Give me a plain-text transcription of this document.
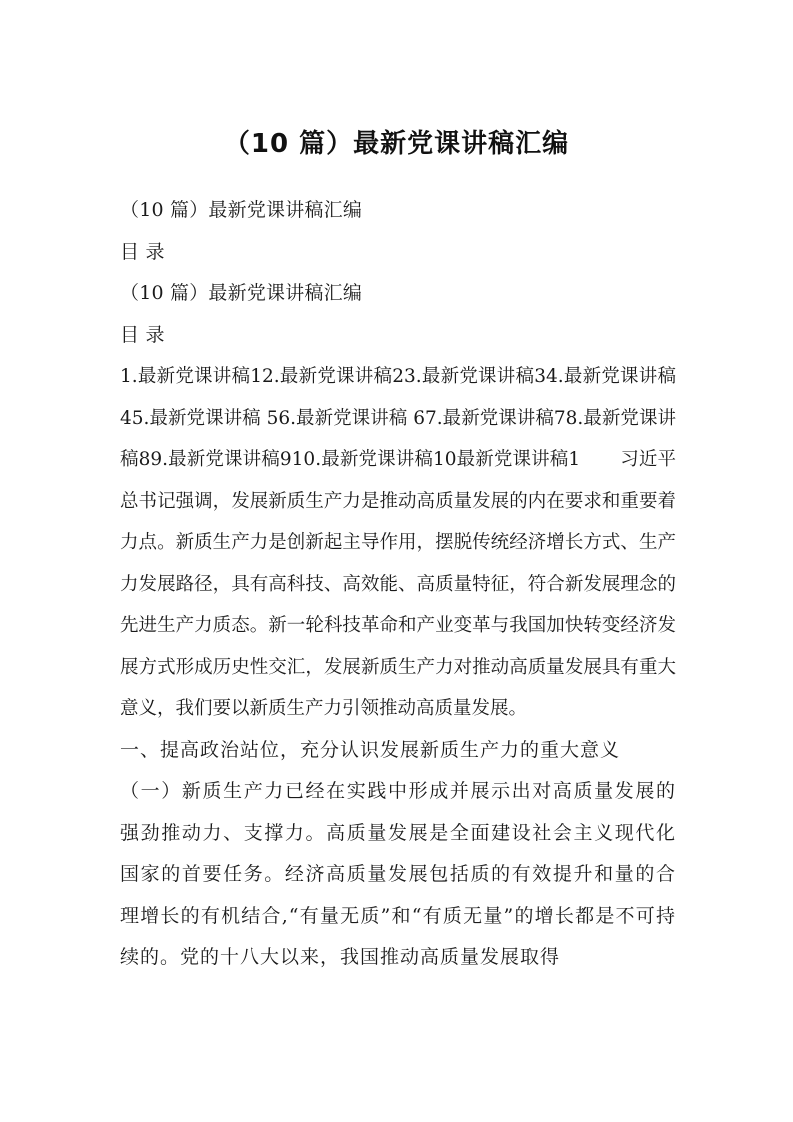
（10 篇）最新党课讲稿汇编
（10 篇）最新党课讲稿汇编
目 录
（10 篇）最新党课讲稿汇编
目 录

1.最新党课讲稿12.最新党课讲稿23.最新党课讲稿34.最新党课讲稿 45.最新党课讲稿 56.最新党课讲稿 67.最新党课讲稿78.最新党课讲稿89.最新党课讲稿910.最新党课讲稿10最新党课讲稿1 习近平总书记强调，发展新质生产力是推动高质量发展的内在要求和重要着力点。新质生产力是创新起主导作用，摆脱传统经济增长方式、生产力发展路径，具有高科技、高效能、高质量特征，符合新发展理念的先进生产力质态。新一轮科技革命和产业变革与我国加快转变经济发展方式形成历史性交汇，发展新质生产力对推动高质量发展具有重大意义，我们要以新质生产力引领推动高质量发展。

一、提高政治站位，充分认识发展新质生产力的重大意义

（一）新质生产力已经在实践中形成并展示出对高质量发展的强劲推动力、支撑力。高质量发展是全面建设社会主义现代化国家的首要任务。经济高质量发展包括质的有效提升和量的合理增长的有机结合,“有量无质”和“有质无量”的增长都是不可持续的。党的十八大以来，我国推动高质量发展取得
